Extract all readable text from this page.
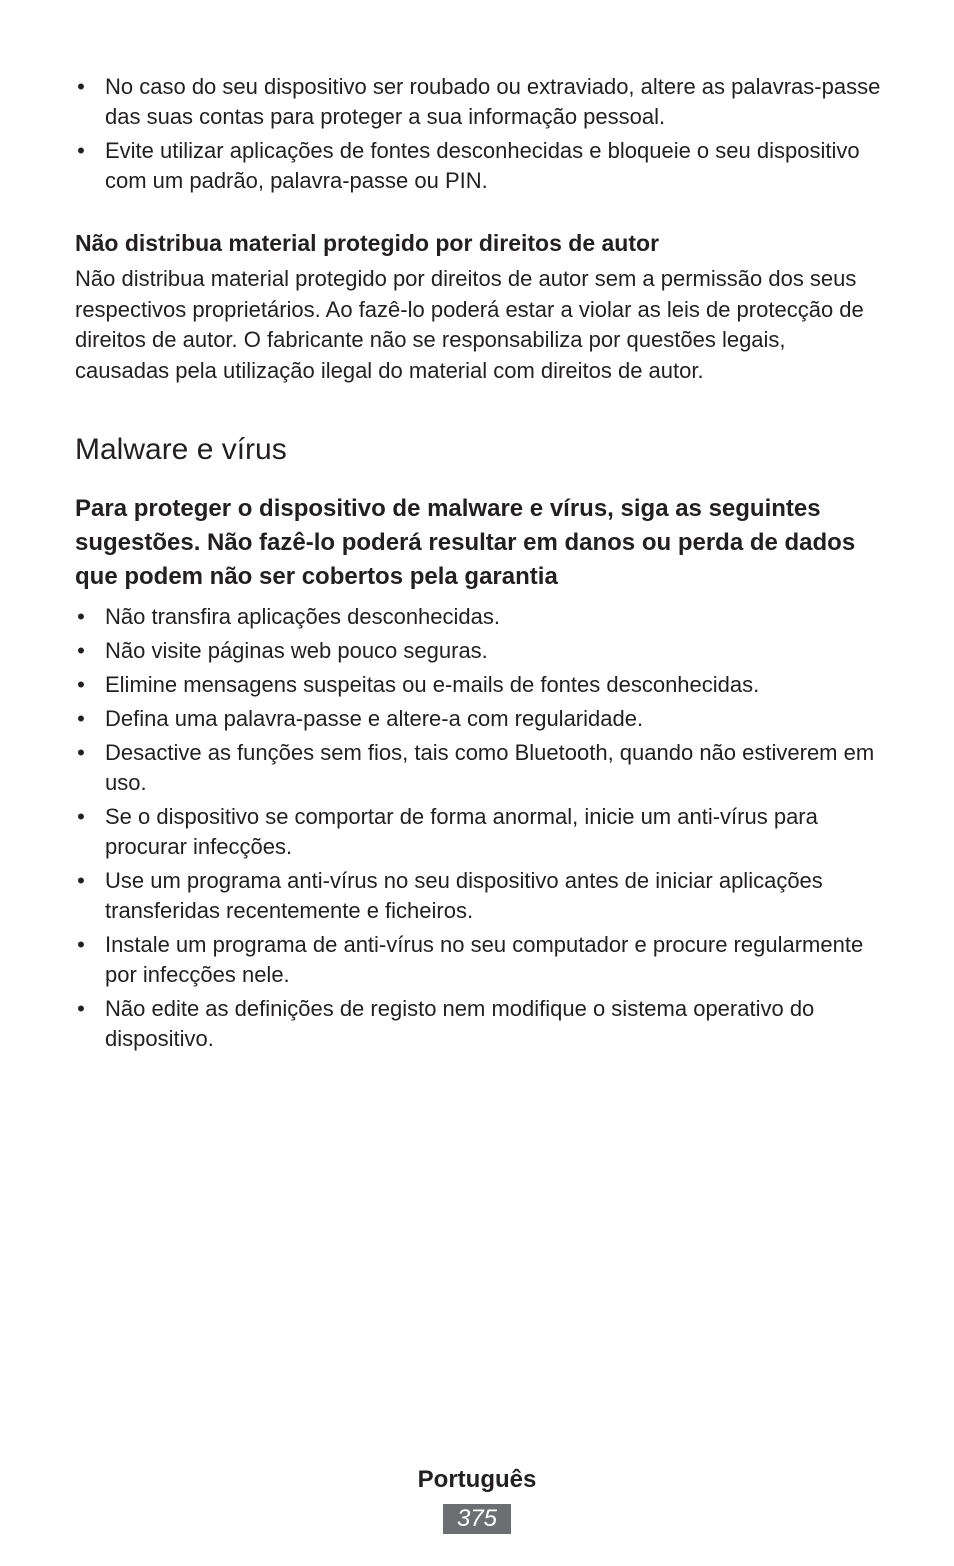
• No caso do seu dispositivo ser roubado ou extraviado, altere as palavras-passe das suas contas para proteger a sua informação pessoal.
• Evite utilizar aplicações de fontes desconhecidas e bloqueie o seu dispositivo com um padrão, palavra-passe ou PIN.
Não distribua material protegido por direitos de autor

Não distribua material protegido por direitos de autor sem a permissão dos seus respectivos proprietários. Ao fazê-lo poderá estar a violar as leis de protecção de direitos de autor. O fabricante não se responsabiliza por questões legais, causadas pela utilização ilegal do material com direitos de autor.

Malware e vírus

Para proteger o dispositivo de malware e vírus, siga as seguintes sugestões. Não fazê-lo poderá resultar em danos ou perda de dados que podem não ser cobertos pela garantia

• Não transfira aplicações desconhecidas.
• Não visite páginas web pouco seguras.
• Elimine mensagens suspeitas ou e-mails de fontes desconhecidas.
• Defina uma palavra-passe e altere-a com regularidade.
• Desactive as funções sem fios, tais como Bluetooth, quando não estiverem em uso.
• Se o dispositivo se comportar de forma anormal, inicie um anti-vírus para procurar infecções.
• Use um programa anti-vírus no seu dispositivo antes de iniciar aplicações transferidas recentemente e ficheiros.
• Instale um programa de anti-vírus no seu computador e procure regularmente por infecções nele.
• Não edite as definições de registo nem modifique o sistema operativo do dispositivo.
Português
375
